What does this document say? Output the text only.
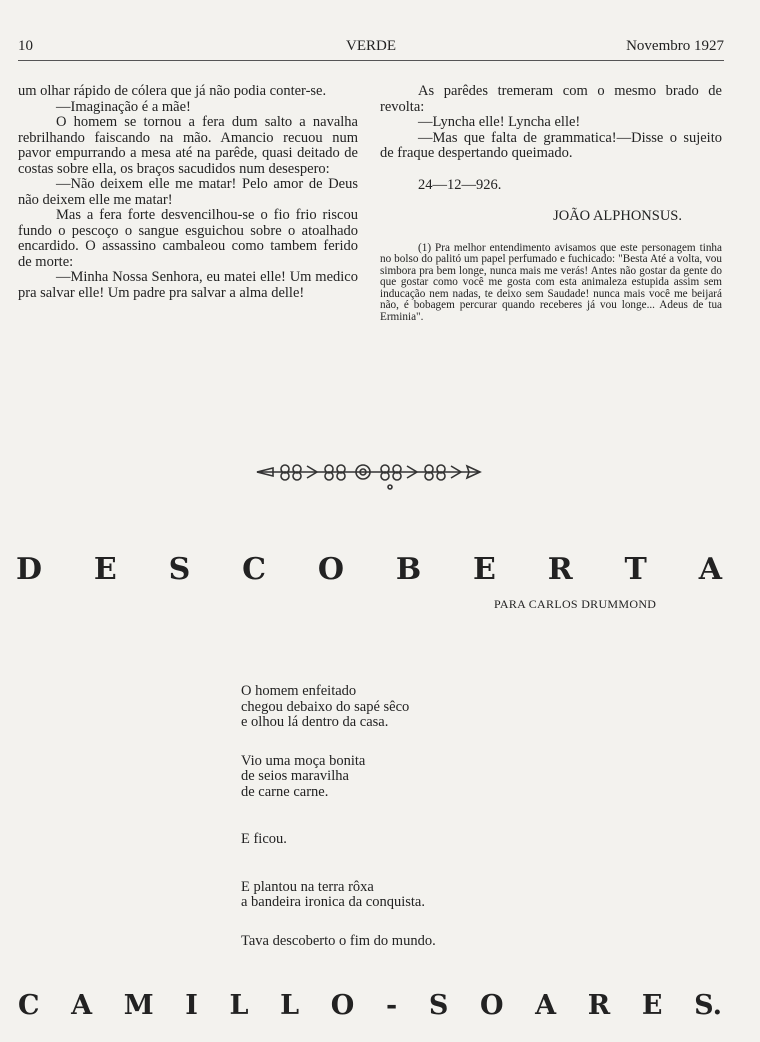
10	VERDE	Novembro 1927

um olhar rápido de cólera que já não podia conter-se.

—Imaginação é a mãe!

O homem se tornou a fera dum salto a navalha rebrilhando faiscando na mão. Amancio recuou num pavor empurrando a mesa até na parêde, quasi deitado de costas sobre ella, os braços sacudidos num desespero:

—Não deixem elle me matar! Pelo amor de Deus não deixem elle me matar!

Mas a fera forte desvencilhou-se o fio frio riscou fundo o pescoço o sangue esguichou sobre o atoalhado encardido. O assassino cambaleou como tambem ferido de morte:

—Minha Nossa Senhora, eu matei elle! Um medico pra salvar elle! Um padre pra salvar a alma delle!

As parêdes tremeram com o mesmo brado de revolta:

—Lyncha elle! Lyncha elle!

—Mas que falta de grammatica!—Disse o sujeito de fraque despertando queimado.

24—12—926.

JOÃO ALPHONSUS.

(1) Pra melhor entendimento avisamos que este personagem tinha no bolso do palitó um papel perfumado e fuchicado: "Besta Até a volta, vou simbora pra bem longe, nunca mais me verás! Antes não gostar da gente do que gostar como você me gosta com esta animaleza estupida assim sem inducação nem nadas, te deixo sem Saudade! nunca mais você me beijará não, é bobagem percurar quando receberes já vou longe... Adeus de tua Erminia".

D E S C O B E R T A
PARA CARLOS DRUMMOND
O homem enfeitado
chegou debaixo do sapé sêco
e olhou lá dentro da casa.
Vio uma moça bonita
de seios maravilha
de carne carne.
E ficou.
E plantou na terra rôxa
a bandeira ironica da conquista.
Tava descoberto o fim do mundo.
C A M I L L O - S O A R E S.
